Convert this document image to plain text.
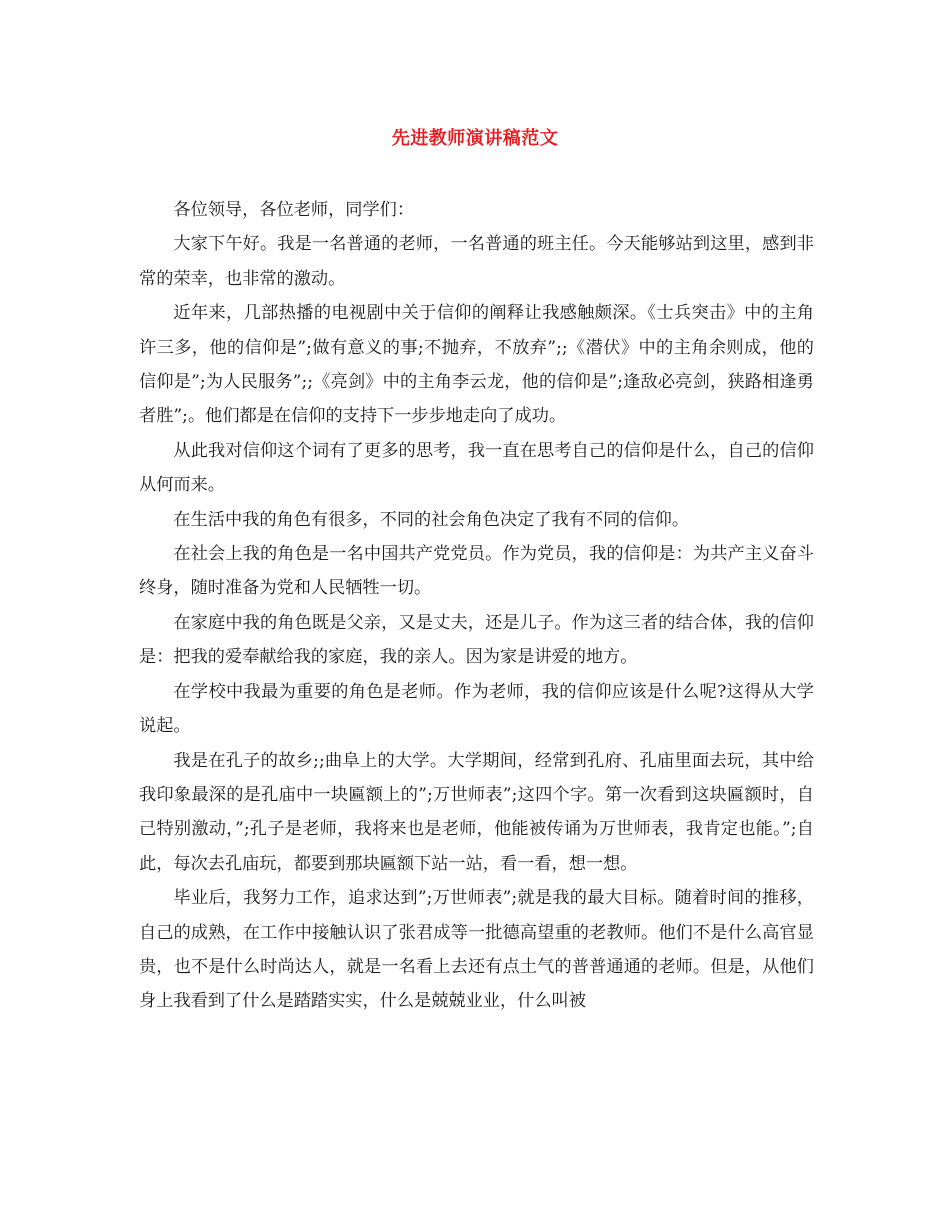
先进教师演讲稿范文

各位领导，各位老师，同学们：

大家下午好。我是一名普通的老师，一名普通的班主任。今天能够站到这里，感到非常的荣幸，也非常的激动。

近年来，几部热播的电视剧中关于信仰的阐释让我感触颇深。《士兵突击》中的主角许三多，他的信仰是”;做有意义的事;不抛弃，不放弃”;;《潜伏》中的主角余则成，他的信仰是”;为人民服务”;;《亮剑》中的主角李云龙，他的信仰是”;逢敌必亮剑，狭路相逢勇者胜”;。他们都是在信仰的支持下一步步地走向了成功。

从此我对信仰这个词有了更多的思考，我一直在思考自己的信仰是什么，自己的信仰从何而来。

在生活中我的角色有很多，不同的社会角色决定了我有不同的信仰。

在社会上我的角色是一名中国共产党党员。作为党员，我的信仰是：为共产主义奋斗终身，随时准备为党和人民牺牲一切。

在家庭中我的角色既是父亲，又是丈夫，还是儿子。作为这三者的结合体，我的信仰是：把我的爱奉献给我的家庭，我的亲人。因为家是讲爱的地方。

在学校中我最为重要的角色是老师。作为老师，我的信仰应该是什么呢?这得从大学说起。

我是在孔子的故乡;;曲阜上的大学。大学期间，经常到孔府、孔庙里面去玩，其中给我印象最深的是孔庙中一块匾额上的”;万世师表”;这四个字。第一次看到这块匾额时，自己特别激动，”;孔子是老师，我将来也是老师，他能被传诵为万世师表，我肯定也能。”;自此，每次去孔庙玩，都要到那块匾额下站一站，看一看，想一想。

毕业后，我努力工作，追求达到”;万世师表”;就是我的最大目标。随着时间的推移，自己的成熟，在工作中接触认识了张君成等一批德高望重的老教师。他们不是什么高官显贵，也不是什么时尚达人，就是一名看上去还有点土气的普普通通的老师。但是，从他们身上我看到了什么是踏踏实实，什么是兢兢业业，什么叫被
